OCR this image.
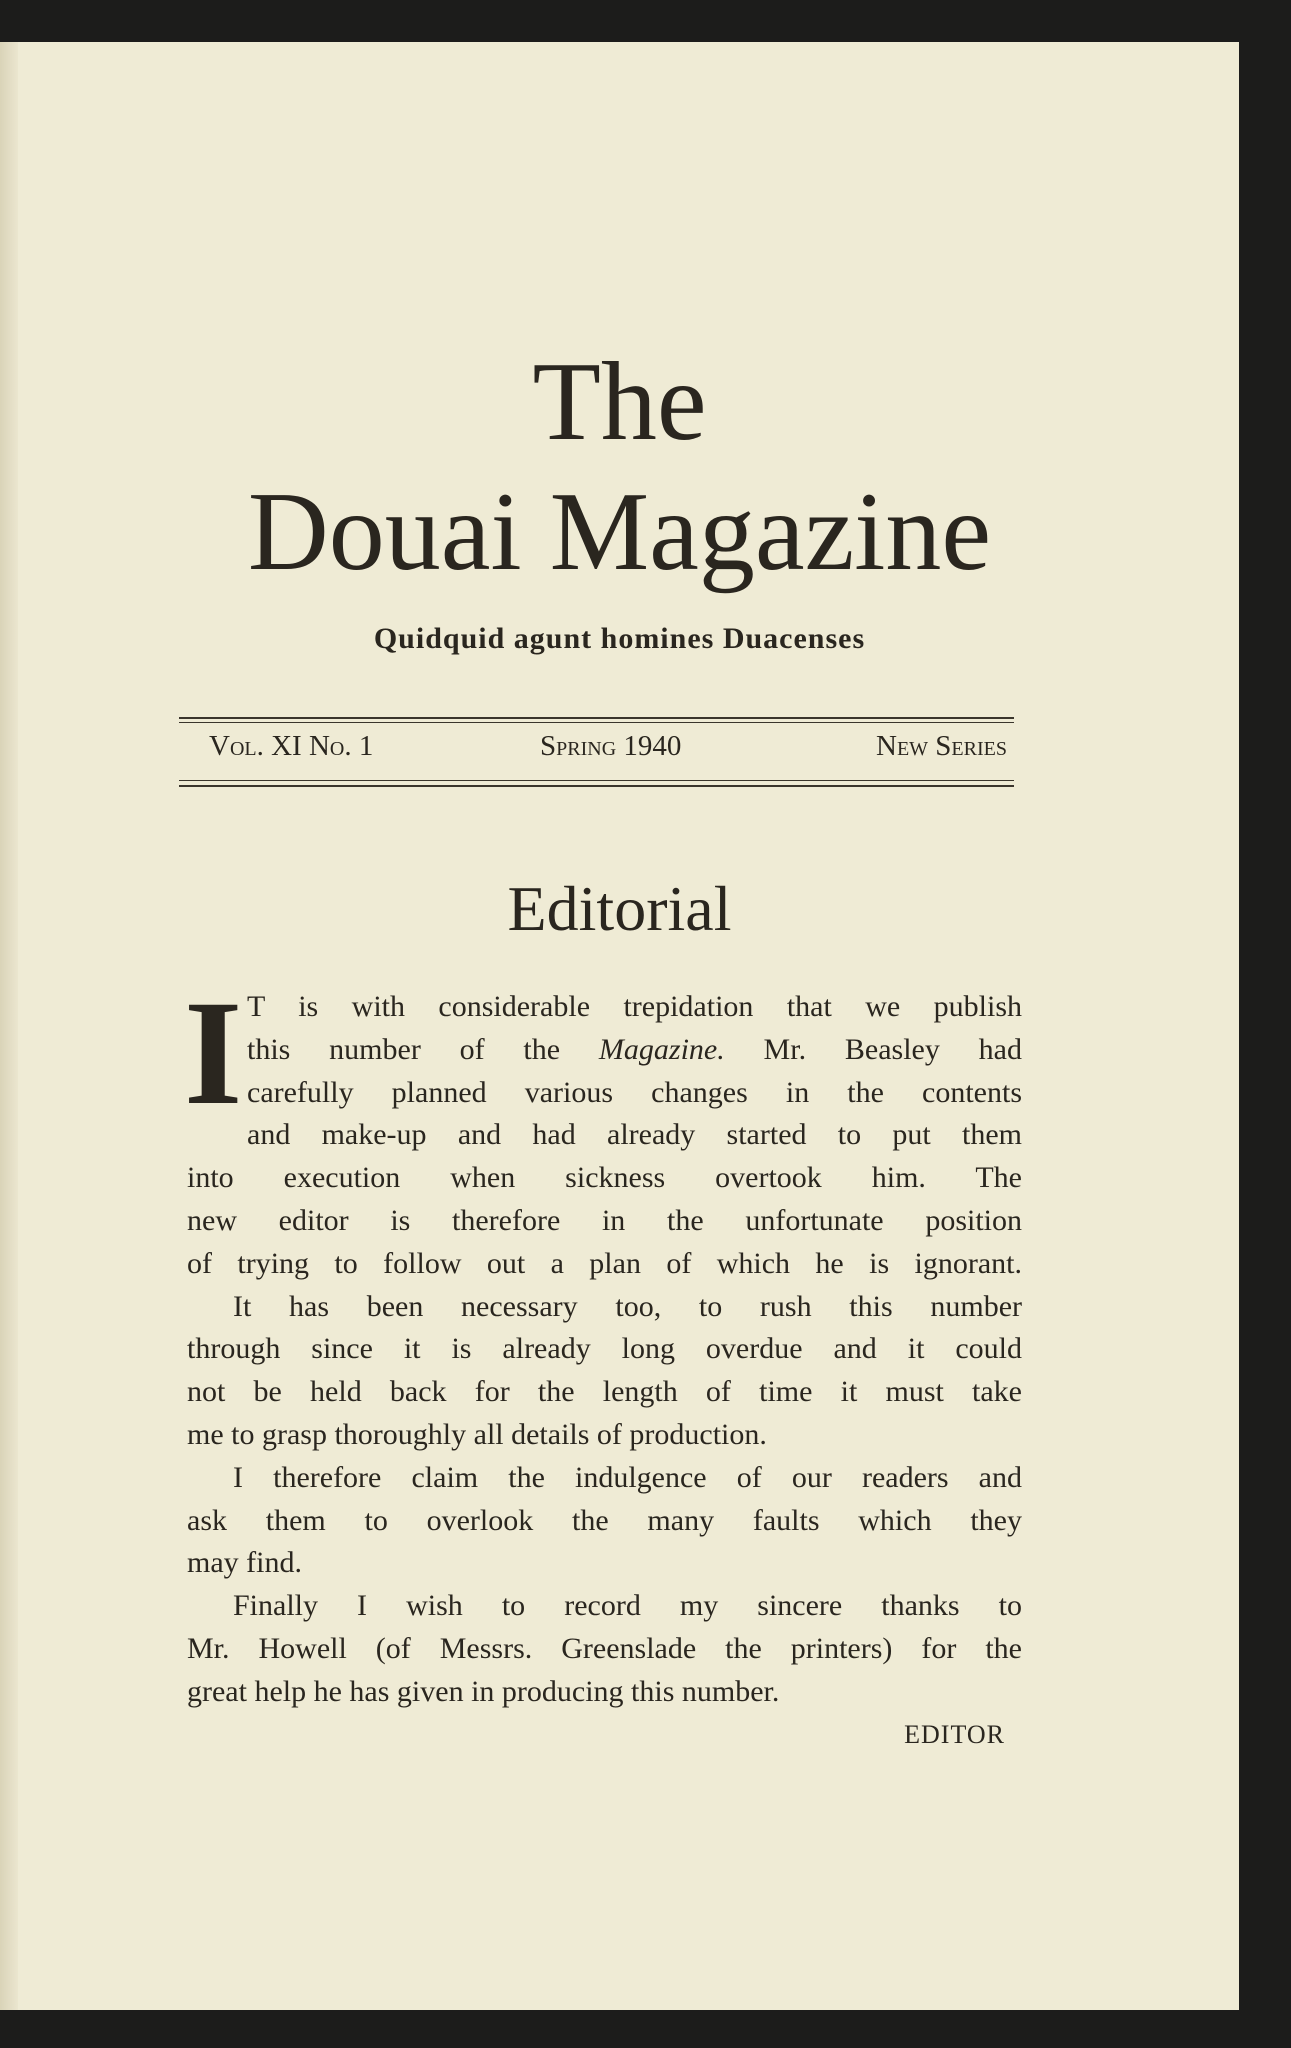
The
Douai Magazine
Quidquid agunt homines Duacenses
Vol. XI No. 1	Spring 1940	New Series
Editorial
I T is with considerable trepidation that we publish
this number of the Magazine. Mr. Beasley had
carefully planned various changes in the contents
and make-up and had already started to put them
into execution when sickness overtook him. The
new editor is therefore in the unfortunate position
of trying to follow out a plan of which he is ignorant.
It has been necessary too, to rush this number
through since it is already long overdue and it could
not be held back for the length of time it must take
me to grasp thoroughly all details of production.
I therefore claim the indulgence of our readers and
ask them to overlook the many faults which they
may find.
Finally I wish to record my sincere thanks to
Mr. Howell (of Messrs. Greenslade the printers) for the
great help he has given in producing this number.
EDITOR
